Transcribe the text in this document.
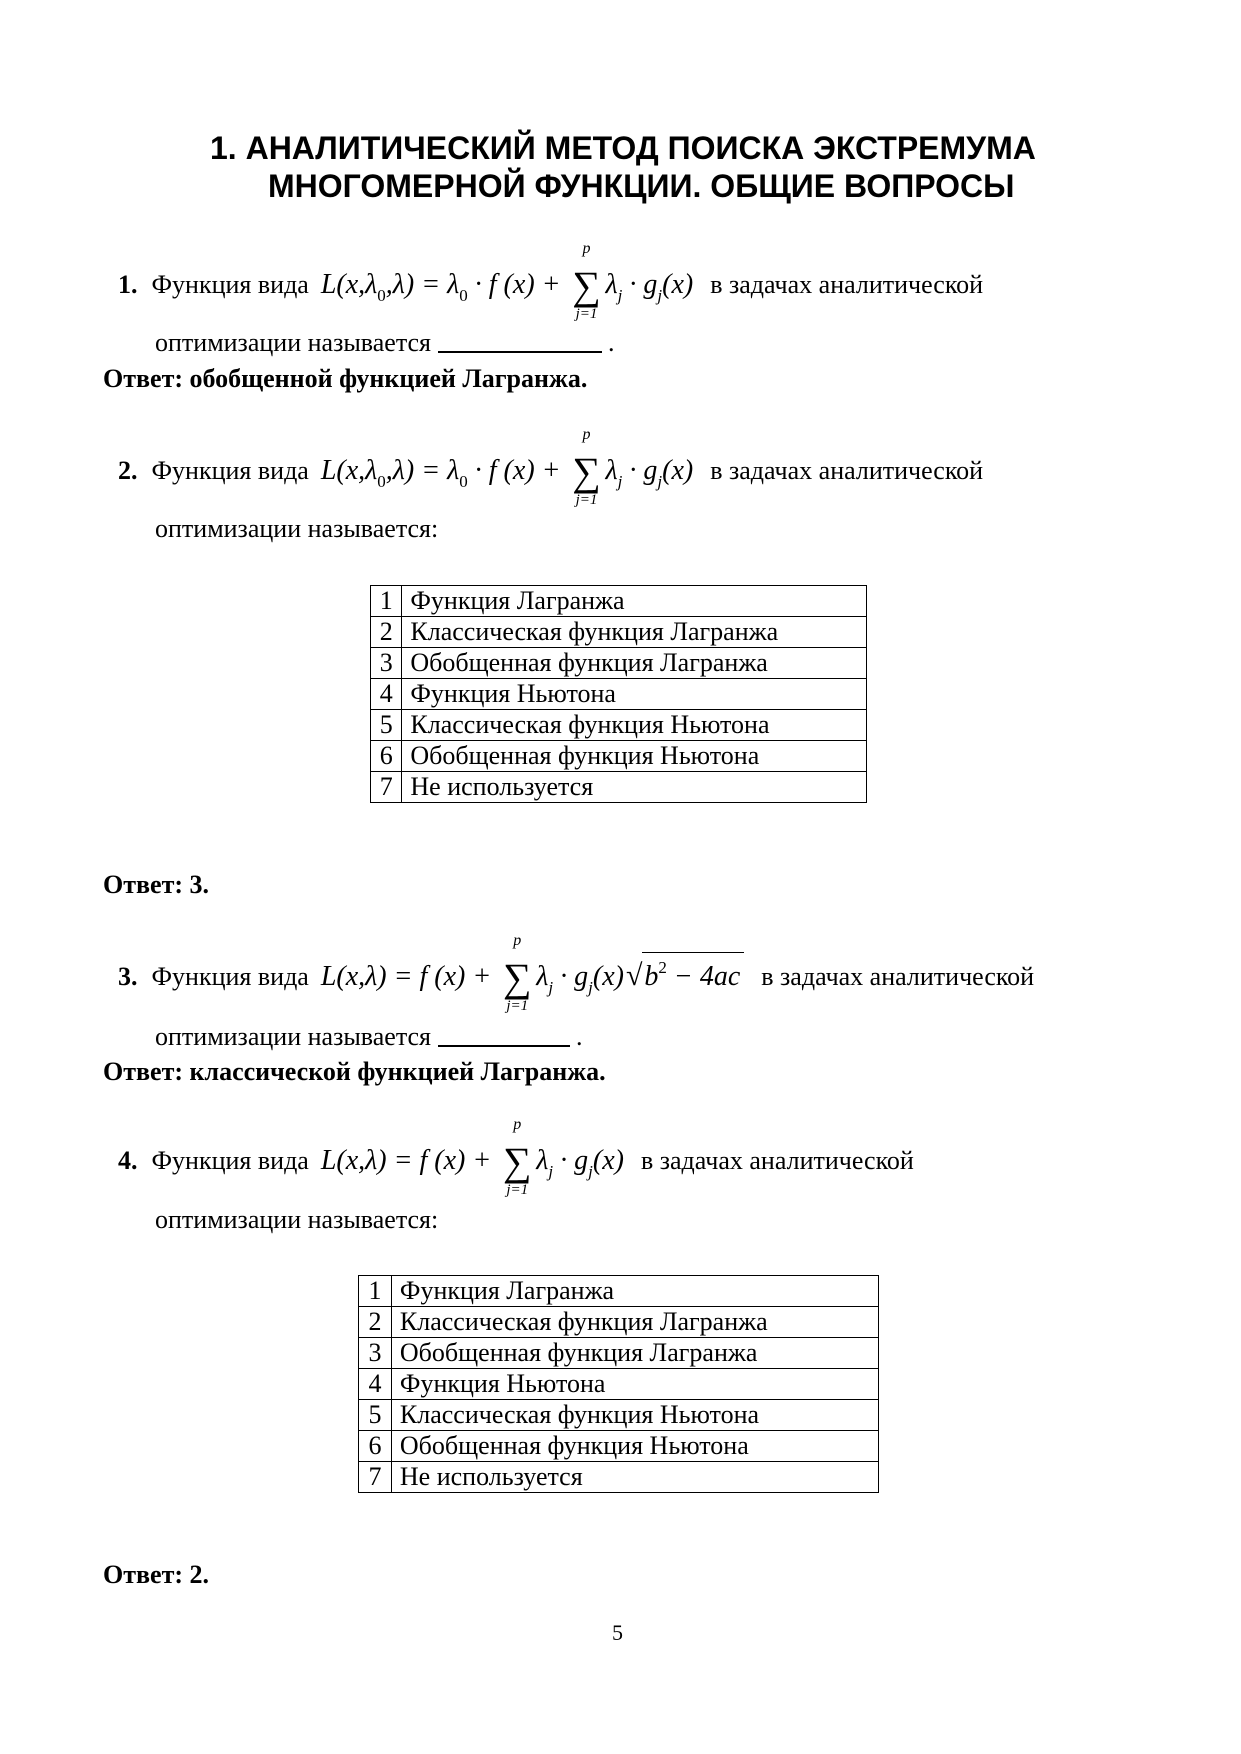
1. АНАЛИТИЧЕСКИЙ МЕТОД ПОИСКА ЭКСТРЕМУМА
МНОГОМЕРНОЙ ФУНКЦИИ. ОБЩИЕ ВОПРОСЫ
1. Функция вида $L(x,\lambda_0,\lambda) = \lambda_0 \cdot f$ (x) + ∑
p
j=1
$\lambda_j \cdot g_j(x)$ в задачах аналитической
оптимизации называется	.
Ответ: обобщенной функцией Лагранжа.
2. Функция вида $L(x,\lambda_0,\lambda) = \lambda_0 \cdot f$ (x) + ∑
p
j=1
$\lambda_j \cdot g_j(x)$ в задачах аналитической
оптимизации называется:
1	Функция Лагранжа
2	Классическая функция Лагранжа
3	Обобщенная функция Лагранжа
4	Функция Ньютона
5	Классическая функция Ньютона
6	Обобщенная функция Ньютона
7	Не используется
Ответ: 3.
3. Функция вида L(x,λ) = f (x) + ∑
p
j=1
$\lambda_j \cdot g_j(x)√b^2 - 4ac$ в задачах аналитической
оптимизации называется	.
Ответ: классической функцией Лагранжа.
4. Функция вида L(x,λ) = f (x) + ∑
p
j=1
$\lambda_j \cdot g_j(x)$ в задачах аналитической
оптимизации называется:
1	Функция Лагранжа
2	Классическая функция Лагранжа
3	Обобщенная функция Лагранжа
4	Функция Ньютона
5	Классическая функция Ньютона
6	Обобщенная функция Ньютона
7	Не используется
Ответ: 2.
5
